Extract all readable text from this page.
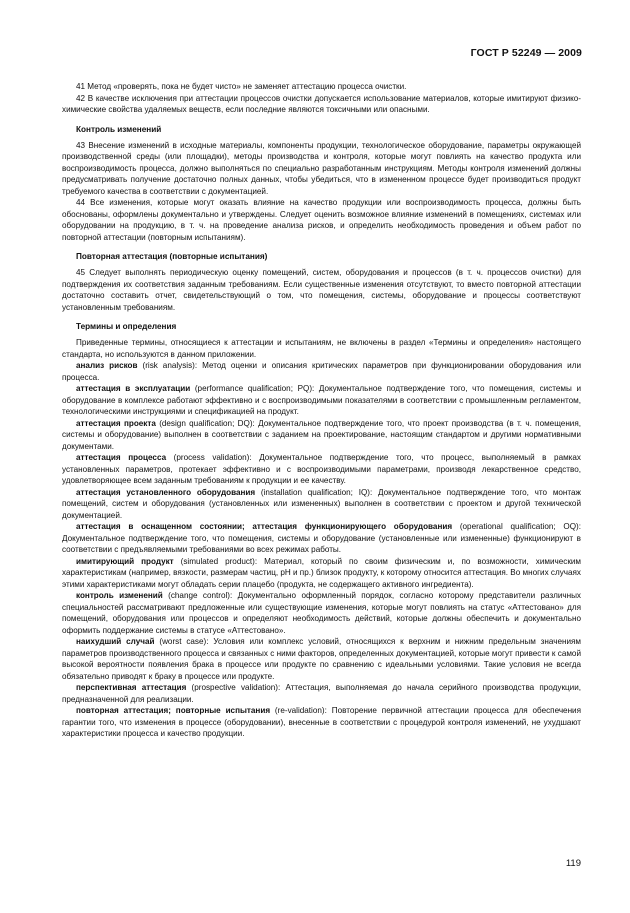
ГОСТ Р 52249 — 2009

41 Метод «проверять, пока не будет чисто» не заменяет аттестацию процесса очистки.

42 В качестве исключения при аттестации процессов очистки допускается использование материалов, которые имитируют физико-химические свойства удаляемых веществ, если последние являются токсичными или опасными.

Контроль изменений

43 Внесение изменений в исходные материалы, компоненты продукции, технологическое оборудование, параметры окружающей производственной среды (или площадки), методы производства и контроля, которые могут повлиять на качество продукта или воспроизводимость процесса, должно выполняться по специально разработанным инструкциям. Методы контроля изменений должны предусматривать получение достаточно полных данных, чтобы убедиться, что в измененном процессе будет производиться продукт требуемого качества в соответствии с документацией.

44 Все изменения, которые могут оказать влияние на качество продукции или воспроизводимость процесса, должны быть обоснованы, оформлены документально и утверждены. Следует оценить возможное влияние изменений в помещениях, системах или оборудовании на продукцию, в т. ч. на проведение анализа рисков, и определить необходимость проведения и объем работ по повторной аттестации (повторным испытаниям).

Повторная аттестация (повторные испытания)

45 Следует выполнять периодическую оценку помещений, систем, оборудования и процессов (в т. ч. процессов очистки) для подтверждения их соответствия заданным требованиям. Если существенные изменения отсутствуют, то вместо повторной аттестации достаточно составить отчет, свидетельствующий о том, что помещения, системы, оборудование и процессы соответствуют установленным требованиям.

Термины и определения

Приведенные термины, относящиеся к аттестации и испытаниям, не включены в раздел «Термины и определения» настоящего стандарта, но используются в данном приложении.

анализ рисков (risk analysis): Метод оценки и описания критических параметров при функционировании оборудования или процесса.

аттестация в эксплуатации (performance qualification; PQ): Документальное подтверждение того, что помещения, системы и оборудование в комплексе работают эффективно и с воспроизводимыми показателями в соответствии с промышленным регламентом, технологическими инструкциями и спецификацией на продукт.

аттестация проекта (design qualification; DQ): Документальное подтверждение того, что проект производства (в т. ч. помещения, системы и оборудование) выполнен в соответствии с заданием на проектирование, настоящим стандартом и другими нормативными документами.

аттестация процесса (process validation): Документальное подтверждение того, что процесс, выполняемый в рамках установленных параметров, протекает эффективно и с воспроизводимыми параметрами, производя лекарственное средство, удовлетворяющее всем заданным требованиям к продукции и ее качеству.

аттестация установленного оборудования (installation qualification; IQ): Документальное подтверждение того, что монтаж помещений, систем и оборудования (установленных или измененных) выполнен в соответствии с проектом и другой технической документацией.

аттестация в оснащенном состоянии; аттестация функционирующего оборудования (operational qualification; OQ): Документальное подтверждение того, что помещения, системы и оборудование (установленные или измененные) функционируют в соответствии с предъявляемыми требованиями во всех режимах работы.

имитирующий продукт (simulated product): Материал, который по своим физическим и, по возможности, химическим характеристикам (например, вязкости, размерам частиц, pH и пр.) близок продукту, к которому относится аттестация. Во многих случаях этими характеристиками могут обладать серии плацебо (продукта, не содержащего активного ингредиента).

контроль изменений (change control): Документально оформленный порядок, согласно которому представители различных специальностей рассматривают предложенные или существующие изменения, которые могут повлиять на статус «Аттестовано» для помещений, оборудования или процессов и определяют необходимость действий, которые должны обеспечить и документально оформить поддержание системы в статусе «Аттестовано».

наихудший случай (worst case): Условия или комплекс условий, относящихся к верхним и нижним предельным значениям параметров производственного процесса и связанных с ними факторов, определенных документацией, которые могут привести к самой высокой вероятности появления брака в процессе или продукте по сравнению с идеальными условиями. Такие условия не всегда обязательно приводят к браку в процессе или продукте.

перспективная аттестация (prospective validation): Аттестация, выполняемая до начала серийного производства продукции, предназначенной для реализации.

повторная аттестация; повторные испытания (re-validation): Повторение первичной аттестации процесса для обеспечения гарантии того, что изменения в процессе (оборудовании), внесенные в соответствии с процедурой контроля изменений, не ухудшают характеристики процесса и качество продукции.

119
